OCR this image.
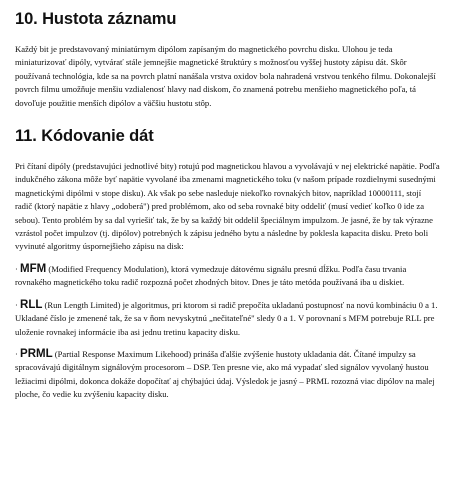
10. Hustota záznamu

Každý bit je predstavovaný miniatúrnym dipólom zapísaným do magnetického povrchu disku. Ulohou je teda miniaturizovať dipóly, vytvárať stále jemnejšie magnetické štruktúry s možnosťou vyššej hustoty zápisu dát. Skôr používaná technológia, kde sa na povrch platní nanášala vrstva oxidov bola nahradená vrstvou tenkého filmu. Dokonalejší povrch filmu umožňuje menšiu vzdialenosť hlavy nad diskom, čo znamená potrebu menšieho magnetického poľa, tá dovoľuje použitie menších dipólov a väčšiu hustotu stôp.

11. Kódovanie dát

Pri čítaní dipóly (predstavujúci jednotlivé bity) rotujú pod magnetickou hlavou a vyvolávajú v nej elektrické napätie. Podľa indukčného zákona môže byť napätie vyvolané iba zmenami magnetického toku (v našom prípade rozdielnymi susednými magnetickými dipólmi v stope disku). Ak však po sebe nasleduje niekoľko rovnakých bitov, napríklad 10000111, stojí radič (ktorý napätie z hlavy „odoberá") pred problémom, ako od seba rovnaké bity oddeliť (musí vedieť koľko 0 ide za sebou). Tento problém by sa dal vyriešiť tak, že by sa každý bit oddelil špeciálnym impulzom. Je jasné, že by tak výrazne vzrástol počet impulzov (tj. dipólov) potrebných k zápisu jedného bytu a následne by poklesla kapacita disku. Preto boli vyvinuté algoritmy úspornejšieho zápisu na disk:

· MFM (Modified Frequency Modulation), ktorá vymedzuje dátovému signálu presnú dĺžku. Podľa času trvania rovnakého magnetického toku radič rozpozná počet zhodných bitov. Dnes je táto metóda používaná iba u diskiet.

· RLL (Run Length Limited) je algoritmus, pri ktorom si radič prepočíta ukladanú postupnosť na novú kombináciu 0 a 1. Ukladané číslo je zmenené tak, že sa v ňom nevyskytnú „nečitateľné" sledy 0 a 1. V porovnaní s MFM potrebuje RLL pre uloženie rovnakej informácie iba asi jednu tretinu kapacity disku.

· PRML (Partial Response Maximum Likehood) prináša ďalšie zvýšenie hustoty ukladania dát. Čítané impulzy sa spracovávajú digitálnym signálovým procesorom – DSP. Ten presne vie, ako má vypadať sled signálov vyvolaný hustou ležiacimi dipólmi, dokonca dokáže dopočítať aj chýbajúci údaj. Výsledok je jasný – PRML rozozná viac dipólov na malej ploche, čo vedie ku zvýšeniu kapacity disku.
